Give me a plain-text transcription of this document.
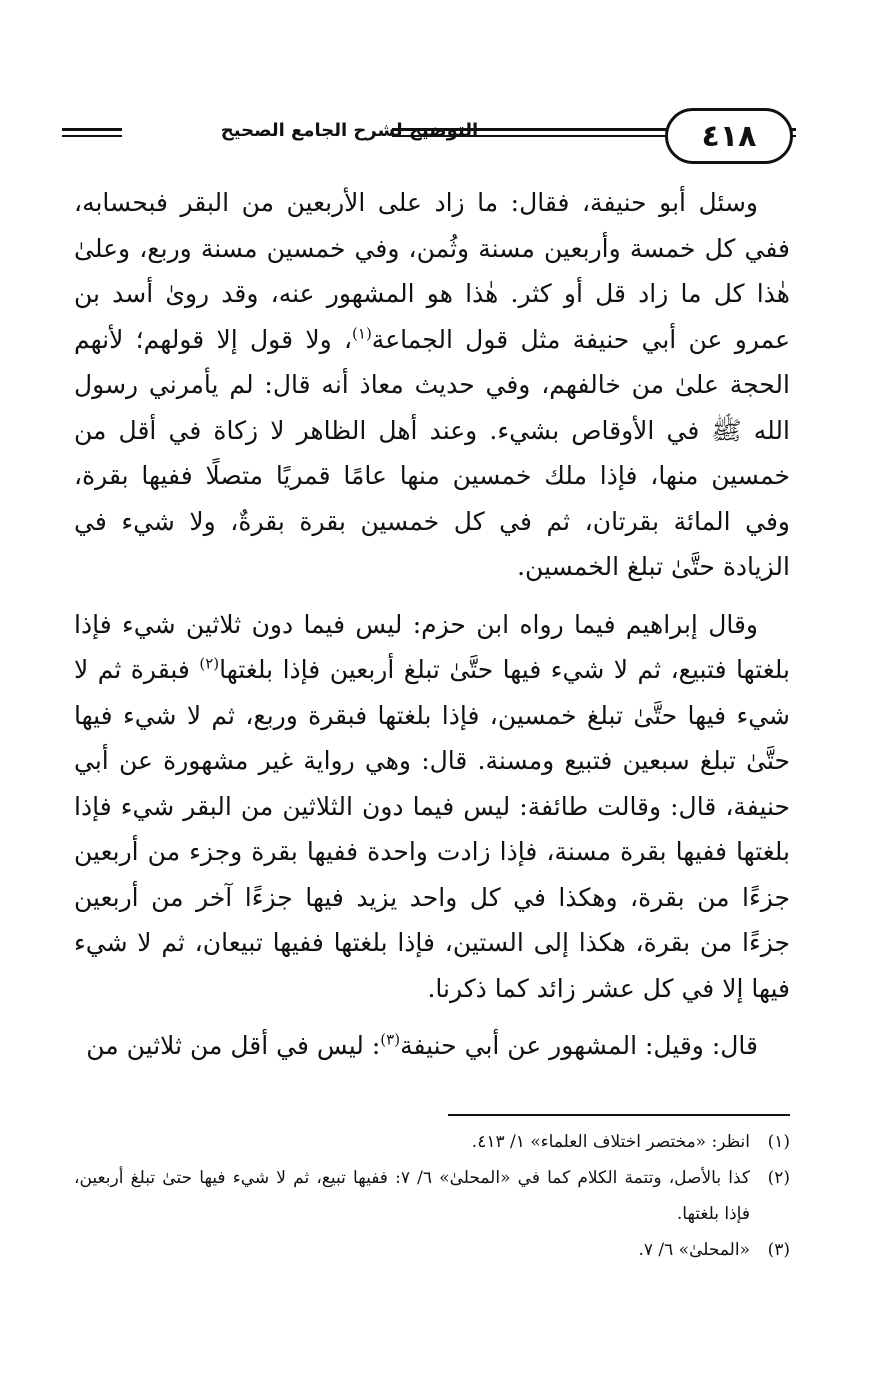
٤١٨
التوضيح لشرح الجامع الصحيح

وسئل أبو حنيفة، فقال: ما زاد على الأربعين من البقر فبحسابه، ففي كل خمسة وأربعين مسنة وثُمن، وفي خمسين مسنة وربع، وعلىٰ هٰذا كل ما زاد قل أو كثر. هٰذا هو المشهور عنه، وقد روىٰ أسد بن عمرو عن أبي حنيفة مثل قول الجماعة$^{(١)}$، ولا قول إلا قولهم؛ لأنهم الحجة علىٰ من خالفهم، وفي حديث معاذ أنه قال: لم يأمرني رسول الله ﷺ في الأوقاص بشيء. وعند أهل الظاهر لا زكاة في أقل من خمسين منها، فإذا ملك خمسين منها عامًا قمريًا متصلًا ففيها بقرة، وفي المائة بقرتان، ثم في كل خمسين بقرة بقرةٌ، ولا شيء في الزيادة حتَّىٰ تبلغ الخمسين.

وقال إبراهيم فيما رواه ابن حزم: ليس فيما دون ثلاثين شيء فإذا بلغتها فتبيع، ثم لا شيء فيها حتَّىٰ تبلغ أربعين فإذا بلغتها$^{(٢)}$ فبقرة ثم لا شيء فيها حتَّىٰ تبلغ خمسين، فإذا بلغتها فبقرة وربع، ثم لا شيء فيها حتَّىٰ تبلغ سبعين فتبيع ومسنة. قال: وهي رواية غير مشهورة عن أبي حنيفة، قال: وقالت طائفة: ليس فيما دون الثلاثين من البقر شيء فإذا بلغتها ففيها بقرة مسنة، فإذا زادت واحدة ففيها بقرة وجزء من أربعين جزءًا من بقرة، وهكذا في كل واحد يزيد فيها جزءًا آخر من أربعين جزءًا من بقرة، هكذا إلى الستين، فإذا بلغتها ففيها تبيعان، ثم لا شيء فيها إلا في كل عشر زائد كما ذكرنا.

قال: وقيل: المشهور عن أبي حنيفة$^{(٣)}$: ليس في أقل من ثلاثين من

(١)
انظر: «مختصر اختلاف العلماء» ١/ ٤١٣.
(٢)
كذا بالأصل، وتتمة الكلام كما في «المحلىٰ» ٦/ ٧: ففيها تبيع، ثم لا شيء فيها حتىٰ تبلغ أربعين، فإذا بلغتها.
(٣)
«المحلىٰ» ٦/ ٧.
